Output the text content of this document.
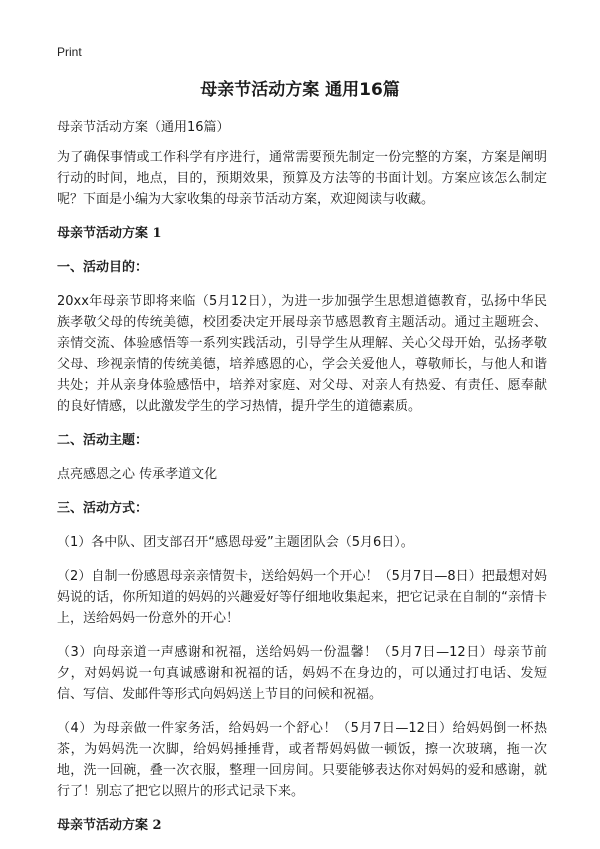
Print
母亲节活动方案 通用16篇

母亲节活动方案（通用16篇）

为了确保事情或工作科学有序进行，通常需要预先制定一份完整的方案，方案是阐明行动的时间，地点，目的，预期效果，预算及方法等的书面计划。方案应该怎么制定呢？下面是小编为大家收集的母亲节活动方案，欢迎阅读与收藏。

母亲节活动方案 1

一、活动目的：

20xx年母亲节即将来临（5月12日），为进一步加强学生思想道德教育，弘扬中华民族孝敬父母的传统美德，校团委决定开展母亲节感恩教育主题活动。通过主题班会、亲情交流、体验感悟等一系列实践活动，引导学生从理解、关心父母开始，弘扬孝敬父母、珍视亲情的传统美德，培养感恩的心，学会关爱他人，尊敬师长，与他人和谐共处；并从亲身体验感悟中，培养对家庭、对父母、对亲人有热爱、有责任、愿奉献的良好情感，以此激发学生的学习热情，提升学生的道德素质。

二、活动主题：

点亮感恩之心 传承孝道文化

三、活动方式：

（1）各中队、团支部召开“感恩母爱”主题团队会（5月6日）。

（2）自制一份感恩母亲亲情贺卡，送给妈妈一个开心！（5月7日—8日）把最想对妈妈说的话，你所知道的妈妈的兴趣爱好等仔细地收集起来，把它记录在自制的“亲情卡上，送给妈妈一份意外的开心！

（3）向母亲道一声感谢和祝福，送给妈妈一份温馨！（5月7日—12日）母亲节前夕，对妈妈说一句真诚感谢和祝福的话，妈妈不在身边的，可以通过打电话、发短信、写信、发邮件等形式向妈妈送上节目的问候和祝福。

（4）为母亲做一件家务活，给妈妈一个舒心！（5月7日—12日）给妈妈倒一杯热茶，为妈妈洗一次脚，给妈妈捶捶背，或者帮妈妈做一顿饭，擦一次玻璃，拖一次地，洗一回碗，叠一次衣服，整理一回房间。只要能够表达你对妈妈的爱和感谢，就行了！别忘了把它以照片的形式记录下来。

母亲节活动方案 2
